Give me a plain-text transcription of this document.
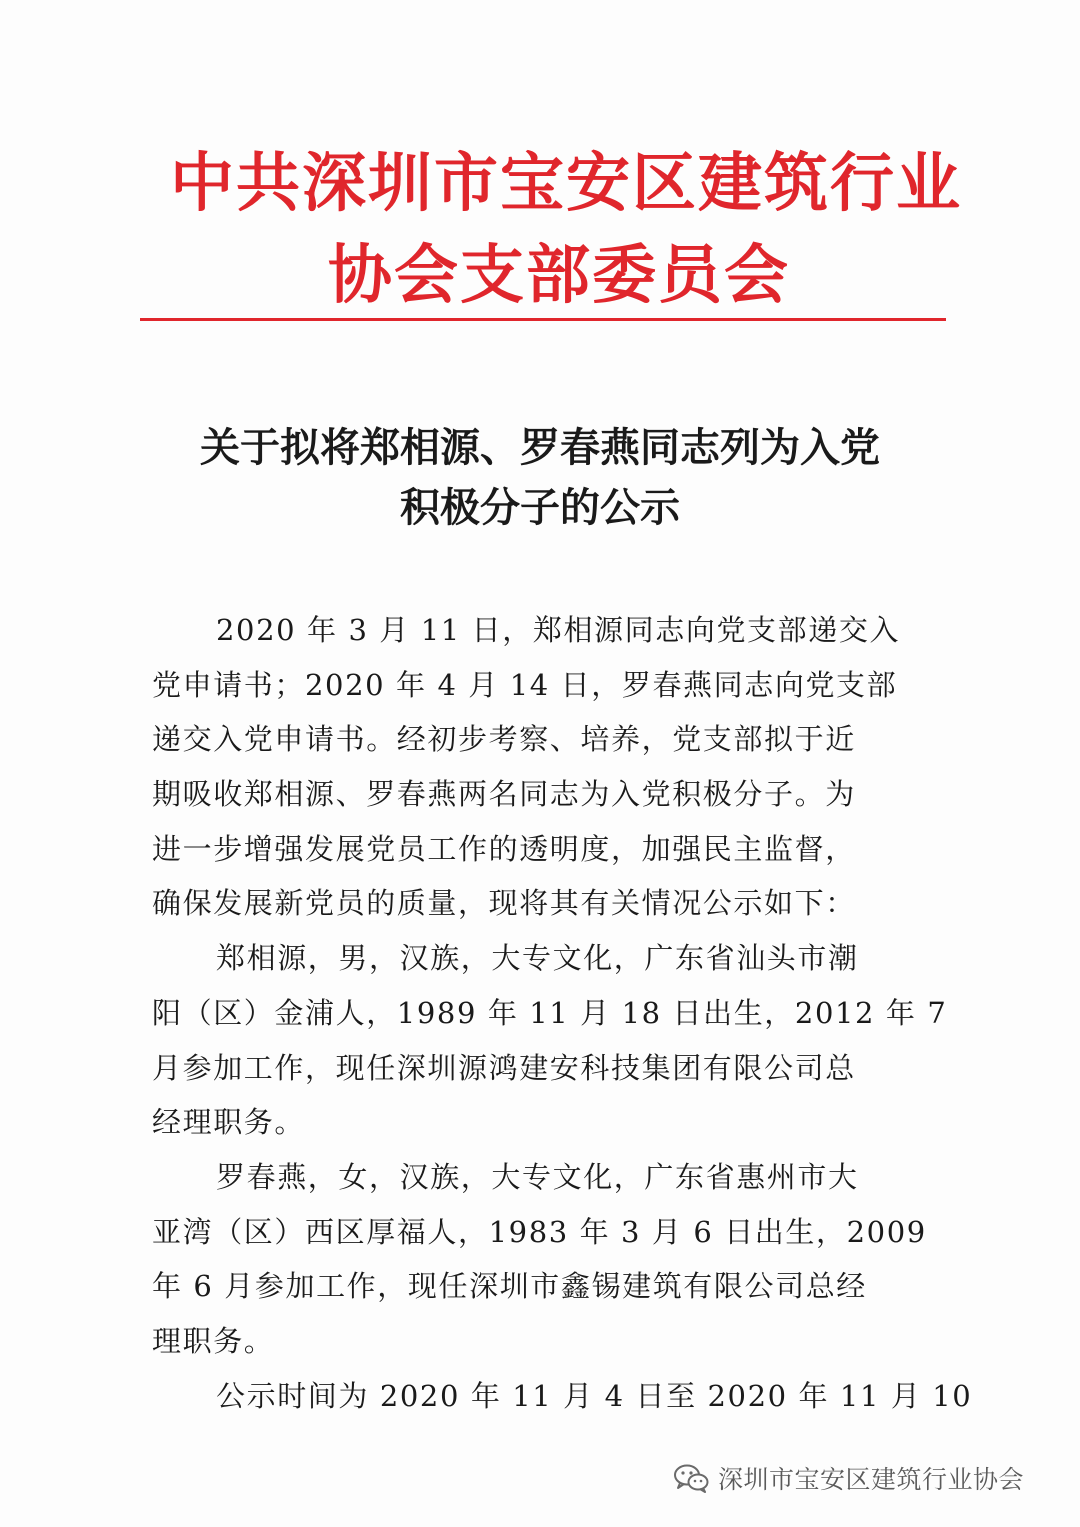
中共深圳市宝安区建筑行业
协会支部委员会
关于拟将郑相源、罗春燕同志列为入党
积极分子的公示
2020 年 3 月 11 日，郑相源同志向党支部递交入
党申请书；2020 年 4 月 14 日，罗春燕同志向党支部
递交入党申请书。经初步考察、培养，党支部拟于近
期吸收郑相源、罗春燕两名同志为入党积极分子。为
进一步增强发展党员工作的透明度，加强民主监督，
确保发展新党员的质量，现将其有关情况公示如下：
郑相源，男，汉族，大专文化，广东省汕头市潮
阳（区）金浦人，1989 年 11 月 18 日出生，2012 年 7
月参加工作，现任深圳源鸿建安科技集团有限公司总
经理职务。
罗春燕，女，汉族，大专文化，广东省惠州市大
亚湾（区）西区厚福人，1983 年 3 月 6 日出生，2009
年 6 月参加工作，现任深圳市鑫锡建筑有限公司总经
理职务。
公示时间为 2020 年 11 月 4 日至 2020 年 11 月 10
深圳市宝安区建筑行业协会
